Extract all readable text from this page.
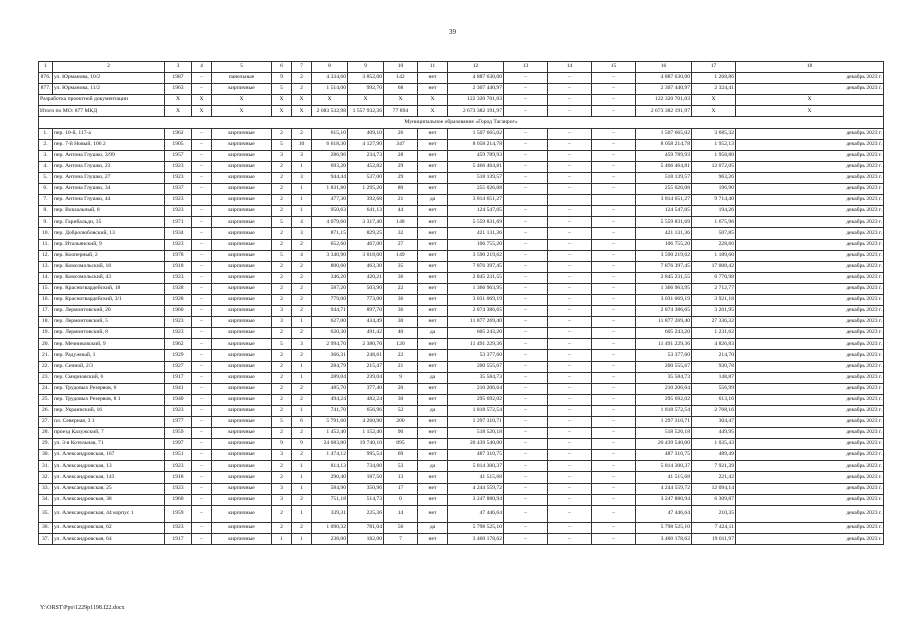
39
1	2	3	4	5	6	7	8	9	10	11	12	13	14	15	16	17	18
876.	ул. Юрманова, 10/2	1987	–	панельные	9	2	4 334,60	3 852,00	142	нет	4 887 630,00	–	–	–	4 887 630,00	1 268,86	декабрь 2023 г.
877.	ул. Юрманова, 11/2	1963	–	кирпичные	5	2	1 514,00	992,70	68	нет	2 307 440,97	–	–	–	2 307 440,97	2 324,41	декабрь 2023 г.
Разработка проектной документации		X	X	X	X	X	X	X	X	X	122 320 701,03	–	–	–	122 320 701,03	X	X
Итого по МО: 877 МКД		X	X	X	X	X	2 083 532,98	1 557 932,36	77 894	X	2 673 382 191,97	–	–	–	2 673 382 191,97	X	X
Муниципальное образование «Город Таганрог»																	
1.	пер. 10-й, 117-а	1962	–	кирпичные	2	2	615,10	409,10	26	нет	1 507 665,02	–	–	–	1 507 665,02	3 685,32	декабрь 2023 г.
2.	пер. 7-й Новый, 106 2	1905	–	кирпичные	5	10	6 618,30	4 127,90	347	нет	8 058 214,78	–	–	–	8 058 214,78	1 952,13	декабрь 2023 г.
3.	пер. Антона Глушко, 3/99	1957	–	кирпичные	3	3	286,96	234,73	28	нет	459 789,93	–	–	–	459 789,93	1 958,80	декабрь 2023 г.
4.	пер. Антона Глушко, 23	1923	–	кирпичные	2	1	693,20	452,82	29	нет	5 466 464,81	–	–	–	5 466 464,81	12 072,05	декабрь 2023 г.
5.	пер. Антона Глушко, 27	1923	–	кирпичные	2	3	944,44	537,00	29	нет	518 139,57	–	–	–	518 139,57	963,26	декабрь 2023 г.
6.	пер. Антона Глушко, 34	1937	–	кирпичные	2	1	1 831,80	1 295,20	80	нет	255 026,08	–	–	–	255 026,08	196,90	декабрь 2023 г.
7.	пер. Антона Глушко, 44	1923		кирпичные	2	1	477,30	392,68	21	да	3 814 651,27				3 814 651,27	9 714,40	декабрь 2023 г.
8.	пер. Вокзальный, 8	1923	–	кирпичные	2	1	950,63	641,13	44	нет	124 547,05	–	–	–	124 547,05	194,26	декабрь 2023 г.
9.	пер. Гарибальди, 35	1971	–	кирпичные	5	4	4 079,60	3 317,40	148	нет	5 559 831,69	–	–	–	5 559 831,69	1 675,96	декабрь 2023 г.
10.	пер. Добролюбовский, 13	1934	–	кирпичные	2	3	871,15	829,25	32	нет	421 131,36	–	–	–	421 131,36	507,85	декабрь 2023 г.
11.	пер. Итальянский, 9	1923	–	кирпичные	2	2	652,60	467,00	27	нет	106 755,20	–	–	–	106 755,20	228,60	декабрь 2023 г.
12.	пер. Кооперный, 2	1978	–	кирпичные	5	4	3 340,90	3 018,00	149	нет	3 590 219,62	–	–	–	3 590 219,62	1 189,60	декабрь 2023 г.
13.	пер. Комсомольский, 18	1918	–	кирпичные	2	2	800,60	463,30	35	нет	7 876 397,45	–	–	–	7 876 397,45	17 008,42	декабрь 2023 г.
14.	пер. Комсомольский, 43	1923	–	кирпичные	2	2	346,20	420,21	36	нет	2 845 231,55	–	–	–	2 845 231,55	6 770,98	декабрь 2023 г.
15.	пер. Красногвардейский, 18	1928	–	кирпичные	2	2	587,20	503,90	22	нет	1 366 963,95	–	–	–	1 366 963,95	2 712,77	декабрь 2023 г.
16.	пер. Красногвардейский, 3/1	1928	–	кирпичные	2	2	779,00	773,00	36	нет	3 031 069,19	–	–	–	3 031 069,19	3 921,18	декабрь 2023 г.
17.	пер. Лермонтовский, 20	1960	–	кирпичные	3	2	944,71	897,70	36	нет	2 874 386,65	–	–	–	2 874 386,65	3 201,95	декабрь 2023 г.
18.	пер. Лермонтовский, 5	1923	–	кирпичные	3	1	627,00	434,49	30	нет	11 877 269,40	–	–	–	11 877 269,40	27 336,32	декабрь 2023 г.
19.	пер. Лермонтовский, 8	1923	–	кирпичные	2	2	620,30	491,42	40	да	605 243,20	–	–	–	605 243,20	1 231,62	декабрь 2023 г.
20.	пер. Мечниковский, 9	1962	–	кирпичные	5	3	2 994,70	2 380,70	120	нет	11 491 229,36	–	–	–	11 491 229,36	4 826,83	декабрь 2023 г.
21.	пер. Радужный, 1	1929	–	кирпичные	2	2	366,31	248,61	22	нет	53 377,60	–	–	–	53 377,60	214,70	декабрь 2023 г.
22.	пер. Сенной, 2/3	1927	–	кирпичные	2	1	284,79	215,47	21	нет	200 555,67	–	–	–	200 555,67	930,78	декабрь 2023 г.
23.	пер. Смирновский, 6	1917	–	кирпичные	2	1	289,04	239,04	9	да	35 584,73	–	–	–	35 584,73	148,87	декабрь 2023 г.
24.	пер. Трудовых Резервов, 6	1941	–	кирпичные	2	2	485,70	377,40	20	нет	210 206,64	–	–	–	210 206,64	556,99	декабрь 2023 г.
25.	пер. Трудовых Резервов, 8 1	1940	–	кирпичные	2	2	494,24	482,24	30	нет	295 692,02	–	–	–	295 692,02	613,16	декабрь 2023 г.
26.	пер. Украинский, 16	1923	–	кирпичные	2	1	741,70	656,96	52	да	1 818 572,54	–	–	–	1 818 572,54	2 768,16	декабрь 2023 г.
27.	пл. Северная, 3 1	1977	–	кирпичные	5	6	5 791,60	4 260,90	200	нет	1 297 310,71	–	–	–	1 297 310,71	304,47	декабрь 2023 г.
28.	проезд Калужский, 7	1959	–	кирпичные	2	2	1 452,40	1 152,40	90	нет	518 520,18	–	–	–	518 520,18	449,95	декабрь 2023 г.
29.	ул. 3-я Котельная, 71	1997	–	кирпичные	9	9	24 683,80	19 740,10	895	нет	20 439 540,00	–	–	–	20 439 540,00	1 035,43	декабрь 2023 г.
30.	ул. Александровская, 167	1951	–	кирпичные	3	2	1 474,12	995,54	69	нет	487 310,75	–	–	–	487 310,75	489,49	декабрь 2023 г.
31.	ул. Александровская, 13	1923	–	кирпичные	2	1	814,13	734,00	53	да	5 814 300,37	–	–	–	5 814 300,37	7 921,39	декабрь 2023 г.
32.	ул. Александровская, 143	1918	–	кирпичные	2	1	290,40	187,50	13	нет	41 515,68	–	–	–	41 515,68	221,42	декабрь 2023 г.
33.	ул. Александровская, 25	1923	–	кирпичные	3	1	584,90	350,96	17	нет	4 244 559,72	–	–	–	4 244 559,72	12 094,14	декабрь 2023 г.
34.	ул. Александровская, 38	1960	–	кирпичные	3	2	751,18	514,73	0	нет	3 247 880,94	–	–	–	3 247 880,94	6 309,87	декабрь 2023 г.
35.	ул. Александровская, 44 корпус 1	1959	–	кирпичные	2	1	339,31	225,36	14	нет	47 446,64	–	–	–	47 446,64	210,35	декабрь 2023 г.
36.	ул. Александровская, 62	1923	–	кирпичные	2	2	1 090,32	781,04	56	да	5 798 525,10	–	–	–	5 798 525,10	7 424,11	декабрь 2023 г.
37.	ул. Александровская, 64	1917	–	кирпичные	1	1	238,00	182,00	7	нет	3 460 178,62	–	–	–	3 460 178,62	19 011,97	декабрь 2023 г.
Y:\ORST\Ppo\1229p1198.f22.docx
